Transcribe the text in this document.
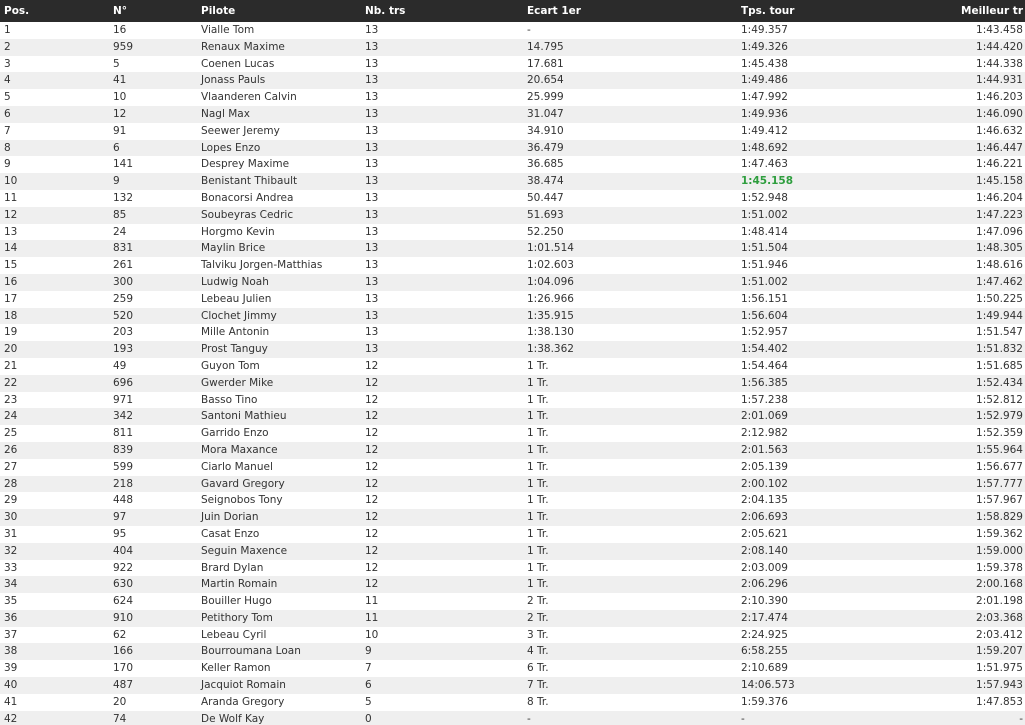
Pos.	N°	Pilote	Nb. trs	Ecart 1er	Tps. tour	Meilleur tr
1	16	Vialle Tom	13	-	1:49.357	1:43.458
2	959	Renaux Maxime	13	14.795	1:49.326	1:44.420
3	5	Coenen Lucas	13	17.681	1:45.438	1:44.338
4	41	Jonass Pauls	13	20.654	1:49.486	1:44.931
5	10	Vlaanderen Calvin	13	25.999	1:47.992	1:46.203
6	12	Nagl Max	13	31.047	1:49.936	1:46.090
7	91	Seewer Jeremy	13	34.910	1:49.412	1:46.632
8	6	Lopes Enzo	13	36.479	1:48.692	1:46.447
9	141	Desprey Maxime	13	36.685	1:47.463	1:46.221
10	9	Benistant Thibault	13	38.474	1:45.158	1:45.158
11	132	Bonacorsi Andrea	13	50.447	1:52.948	1:46.204
12	85	Soubeyras Cedric	13	51.693	1:51.002	1:47.223
13	24	Horgmo Kevin	13	52.250	1:48.414	1:47.096
14	831	Maylin Brice	13	1:01.514	1:51.504	1:48.305
15	261	Talviku Jorgen-Matthias	13	1:02.603	1:51.946	1:48.616
16	300	Ludwig Noah	13	1:04.096	1:51.002	1:47.462
17	259	Lebeau Julien	13	1:26.966	1:56.151	1:50.225
18	520	Clochet Jimmy	13	1:35.915	1:56.604	1:49.944
19	203	Mille Antonin	13	1:38.130	1:52.957	1:51.547
20	193	Prost Tanguy	13	1:38.362	1:54.402	1:51.832
21	49	Guyon Tom	12	1 Tr.	1:54.464	1:51.685
22	696	Gwerder Mike	12	1 Tr.	1:56.385	1:52.434
23	971	Basso Tino	12	1 Tr.	1:57.238	1:52.812
24	342	Santoni Mathieu	12	1 Tr.	2:01.069	1:52.979
25	811	Garrido Enzo	12	1 Tr.	2:12.982	1:52.359
26	839	Mora Maxance	12	1 Tr.	2:01.563	1:55.964
27	599	Ciarlo Manuel	12	1 Tr.	2:05.139	1:56.677
28	218	Gavard Gregory	12	1 Tr.	2:00.102	1:57.777
29	448	Seignobos Tony	12	1 Tr.	2:04.135	1:57.967
30	97	Juin Dorian	12	1 Tr.	2:06.693	1:58.829
31	95	Casat Enzo	12	1 Tr.	2:05.621	1:59.362
32	404	Seguin Maxence	12	1 Tr.	2:08.140	1:59.000
33	922	Brard Dylan	12	1 Tr.	2:03.009	1:59.378
34	630	Martin Romain	12	1 Tr.	2:06.296	2:00.168
35	624	Bouiller Hugo	11	2 Tr.	2:10.390	2:01.198
36	910	Petithory Tom	11	2 Tr.	2:17.474	2:03.368
37	62	Lebeau Cyril	10	3 Tr.	2:24.925	2:03.412
38	166	Bourroumana Loan	9	4 Tr.	6:58.255	1:59.207
39	170	Keller Ramon	7	6 Tr.	2:10.689	1:51.975
40	487	Jacquiot Romain	6	7 Tr.	14:06.573	1:57.943
41	20	Aranda Gregory	5	8 Tr.	1:59.376	1:47.853
42	74	De Wolf Kay	0	-	-	-
